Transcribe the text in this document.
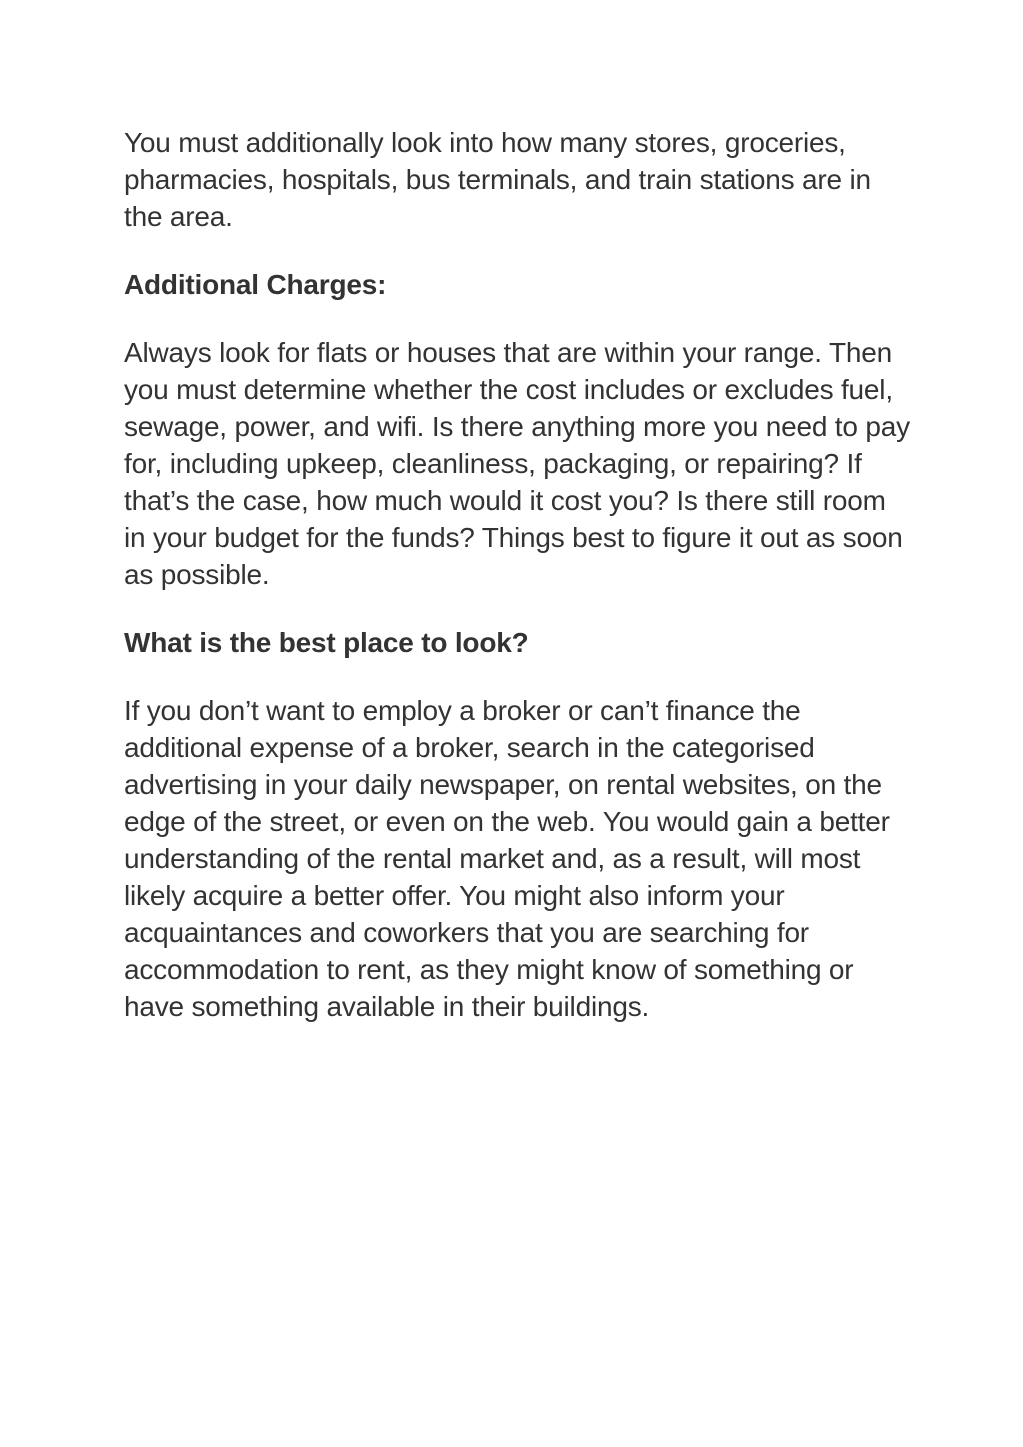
You must additionally look into how many stores, groceries, pharmacies, hospitals, bus terminals, and train stations are in the area.

Additional Charges:

Always look for flats or houses that are within your range. Then you must determine whether the cost includes or excludes fuel, sewage, power, and wifi. Is there anything more you need to pay for, including upkeep, cleanliness, packaging, or repairing? If that’s the case, how much would it cost you? Is there still room in your budget for the funds? Things best to figure it out as soon as possible.

What is the best place to look?

If you don’t want to employ a broker or can’t finance the additional expense of a broker, search in the categorised advertising in your daily newspaper, on rental websites, on the edge of the street, or even on the web. You would gain a better understanding of the rental market and, as a result, will most likely acquire a better offer. You might also inform your acquaintances and coworkers that you are searching for accommodation to rent, as they might know of something or have something available in their buildings.
